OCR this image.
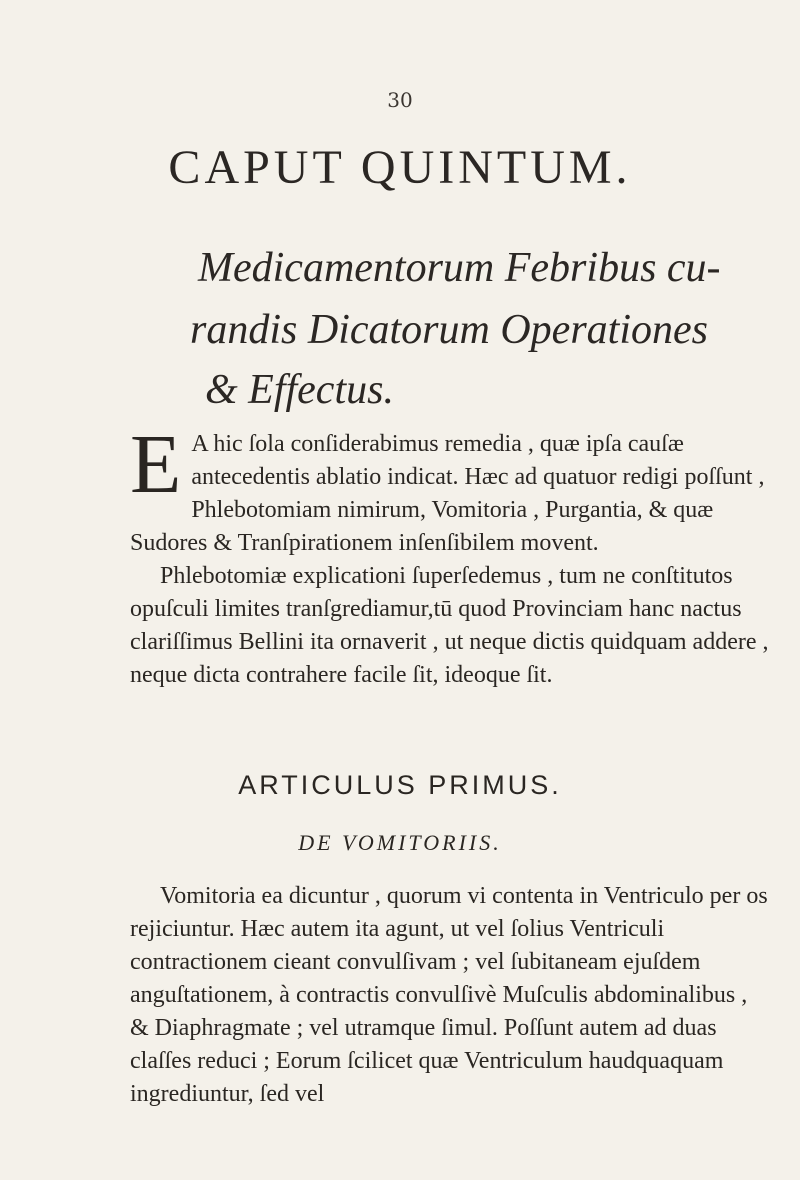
30
CAPUT QUINTUM.

Medicamentorum Febribus cu-

randis Dicatorum Operationes

& Effectus.

E A hic ſola conſiderabimus remedia , quæ ipſa cauſæ antecedentis ablatio indicat. Hæc ad quatuor redigi poſſunt , Phlebotomiam nimirum, Vomitoria , Purgantia, & quæ Sudores & Tranſpirationem inſenſibilem movent.

Phlebotomiæ explicationi ſuperſedemus , tum ne conſtitutos opuſculi limites tranſgrediamur,tū quod Provinciam hanc nactus clariſſimus Bellini ita ornaverit , ut neque dictis quidquam addere , neque dicta contrahere facile ſit, ideoque ſit.

ARTICULUS PRIMUS.
DE VOMITORIIS.

Vomitoria ea dicuntur , quorum vi contenta in Ventriculo per os rejiciuntur. Hæc autem ita agunt, ut vel ſolius Ventriculi contractionem cieant convulſivam ; vel ſubitaneam ejuſdem anguſtationem, à contractis convulſivè Muſculis abdominalibus , & Diaphragmate ; vel utramque ſimul. Poſſunt autem ad duas claſſes reduci ; Eorum ſcilicet quæ Ventriculum haudquaquam ingrediuntur, ſed vel
